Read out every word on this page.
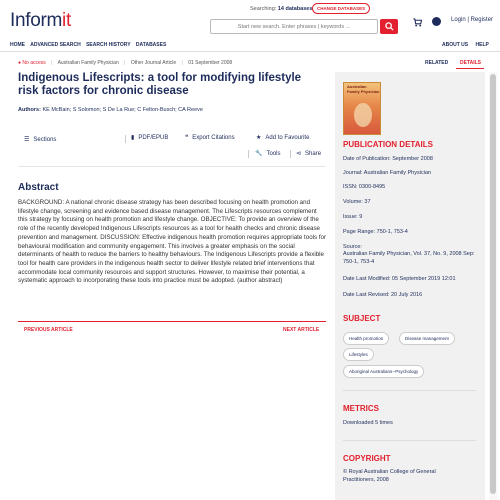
Informit
Searching: 14 databases	CHANGE DATABASES
Start new search. Enter phrases | keywords ...
Login | Register
HOME ADVANCED SEARCH SEARCH HISTORY DATABASES	ABOUT US HELP
● No access | Australian Family Physician | Other Journal Article | 01 September 2008	RELATED DETAILS
Indigenous Lifescripts: a tool for modifying lifestyle risk factors for chronic disease
Authors: KE McBain; S Solomon; S De La Rue; C Felton-Busch; CA Reeve
☰ Sections	▮ PDF/EPUB	❝ Export Citations	★ Add to Favourite
🔧 Tools	⊲ Share
Abstract
BACKGROUND: A national chronic disease strategy has been described focusing on health promotion and lifestyle change, screening and evidence based disease management. The Lifescripts resources complement this strategy by focusing on health promotion and lifestyle change. OBJECTIVE: To provide an overview of the role of the recently developed Indigenous Lifescripts resources as a tool for health checks and chronic disease prevention and management. DISCUSSION: Effective indigenous health promotion requires appropriate tools for behavioural modification and community engagement. This involves a greater emphasis on the social determinants of health to reduce the barriers to healthy behaviours. The Indigenous Lifescripts provide a flexible tool for health care providers in the indigenous health sector to deliver lifestyle related brief interventions that accommodate local community resources and support structures. However, to maximise their potential, a systematic approach to incorporating these tools into practice must be adopted. (author abstract)
PREVIOUS ARTICLE	NEXT ARTICLE
Australian Family Physician
PUBLICATION DETAILS
Date of Publication: September 2008
Journal: Australian Family Physician
ISSN: 0300-8495
Volume: 37
Issue: 9
Page Range: 750-1, 753-4
Source:
Australian Family Physician, Vol. 37, No. 9, 2008 Sep: 750-1, 753-4
Date Last Modified: 05 September 2019 12:01
Date Last Revised: 20 July 2016
SUBJECT
Health promotion	Disease management
Lifestyles
Aboriginal Australians--Psychology
METRICS
Downloaded 5 times
COPYRIGHT
© Royal Australian College of General Practitioners, 2008
